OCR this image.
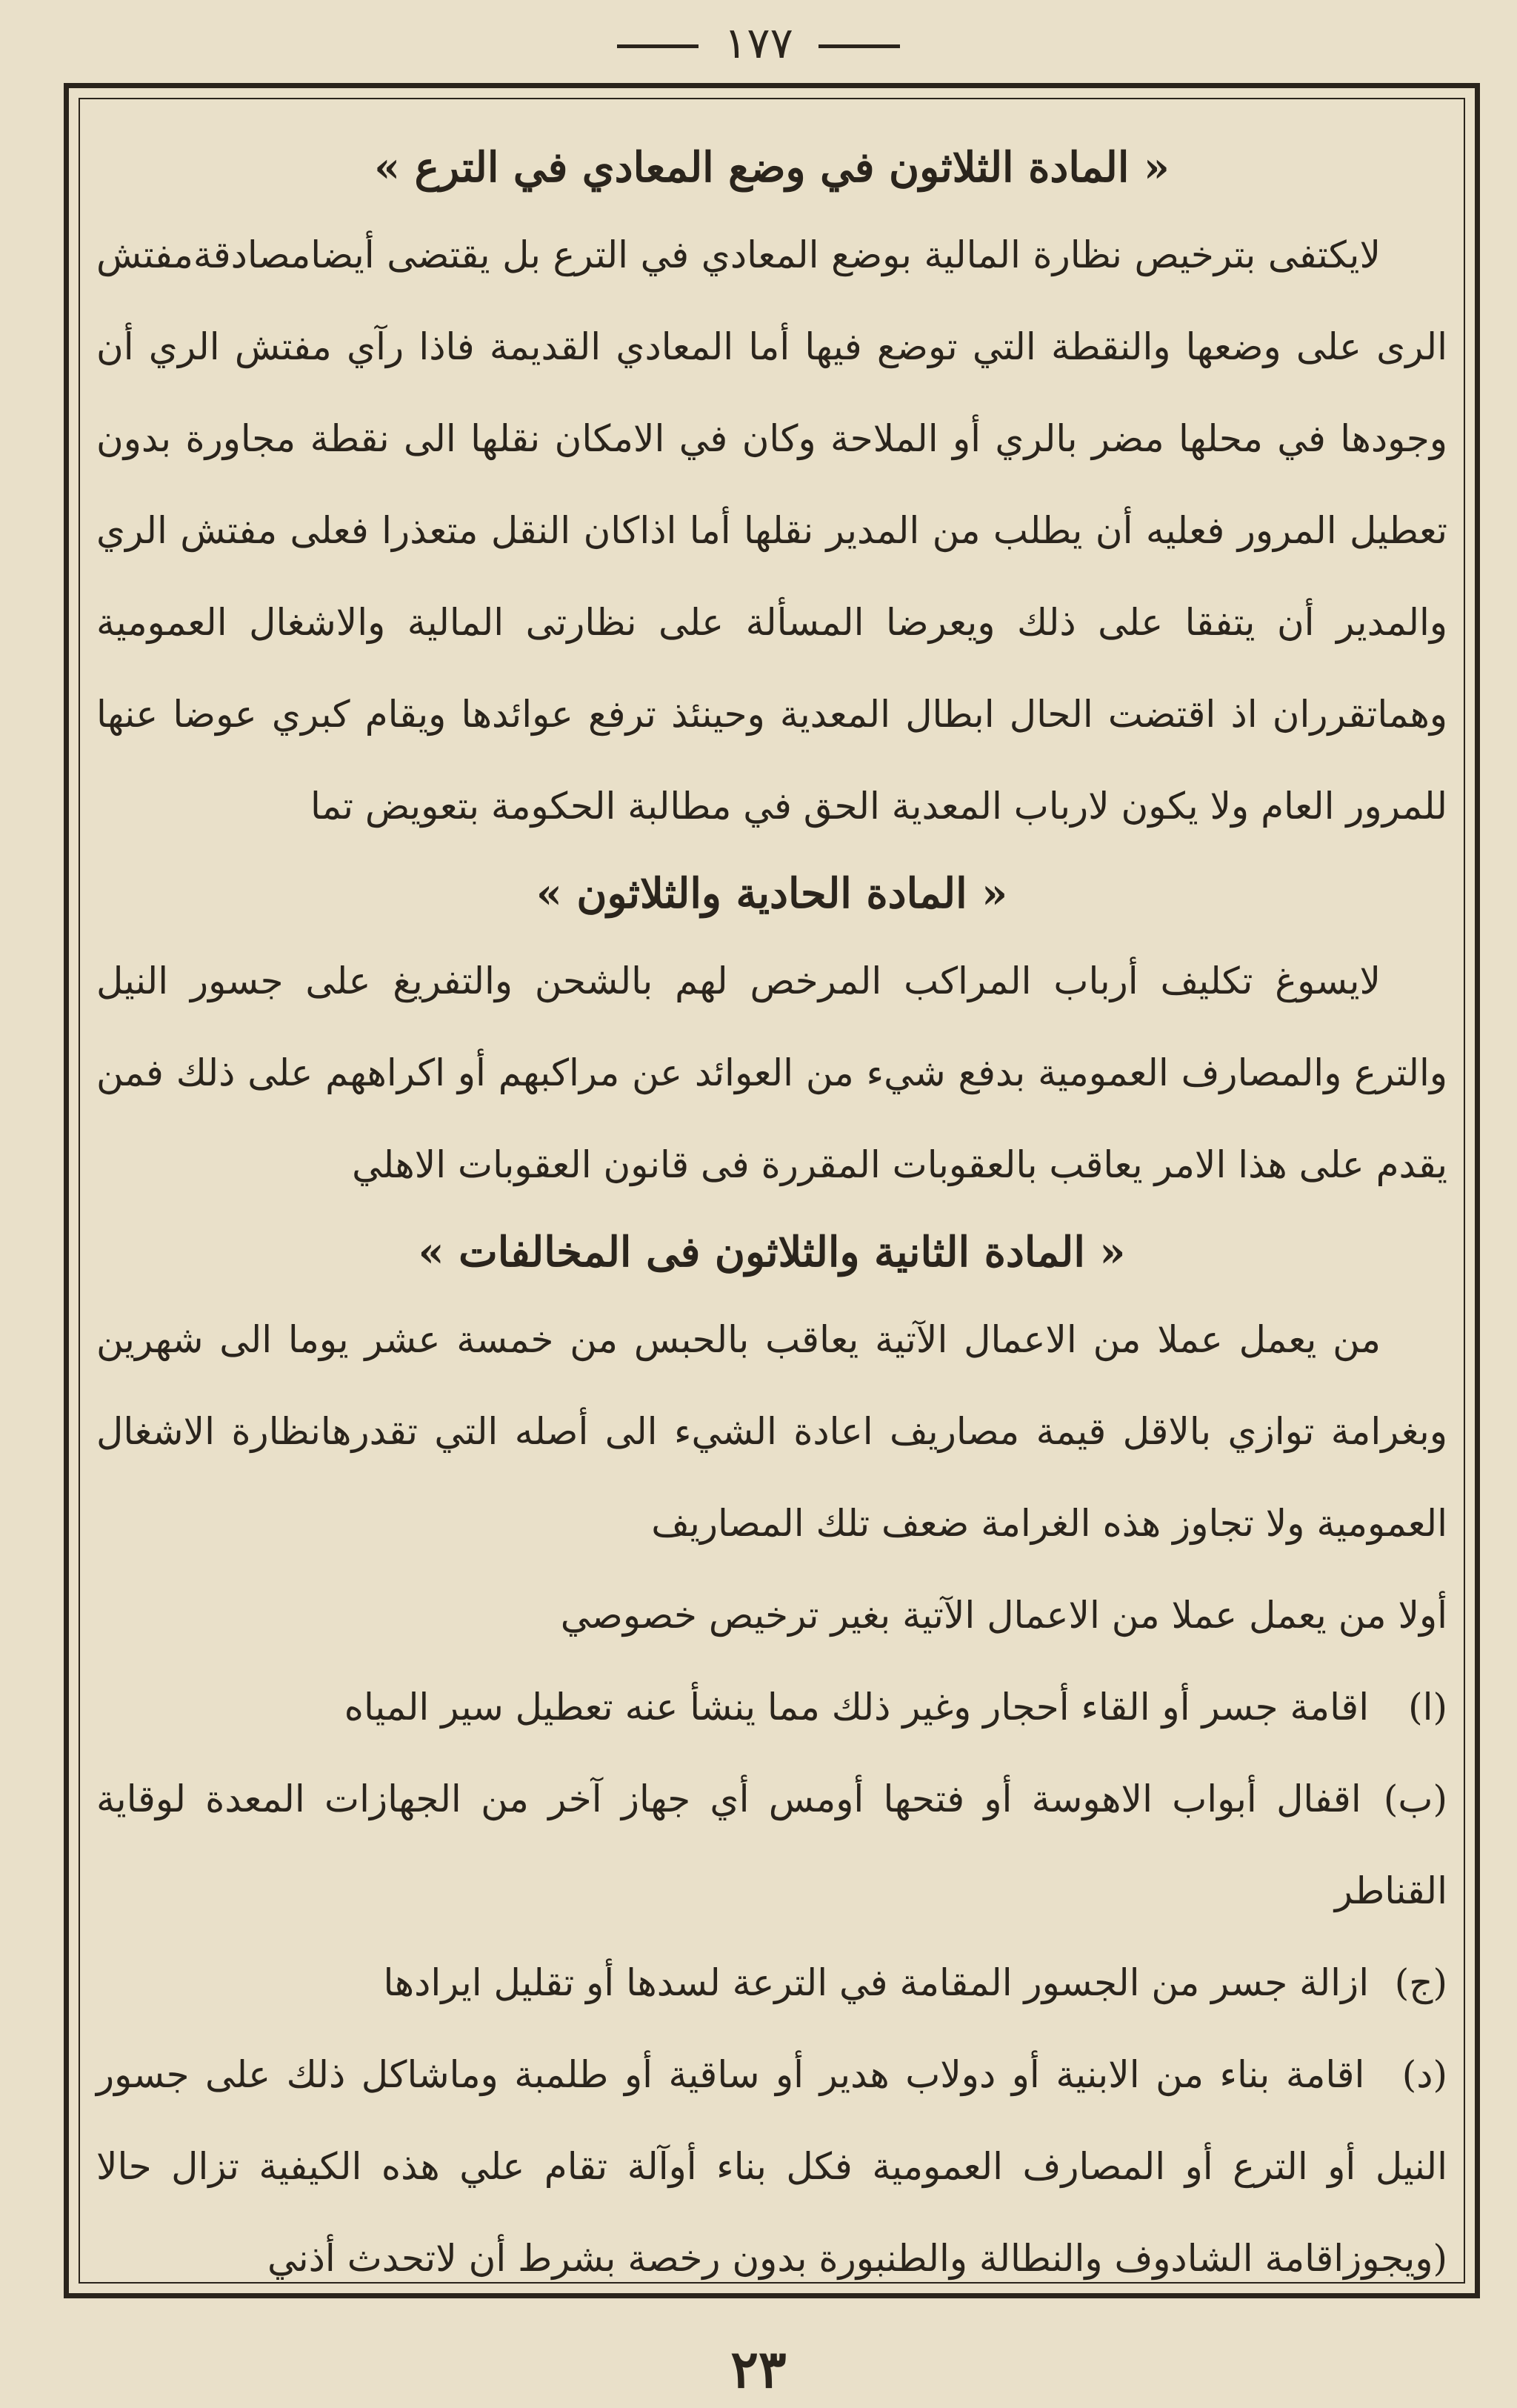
١٧٧
« المادة الثلاثون في وضع المعادي في الترع »

لايكتفى بترخيص نظارة المالية بوضع المعادي في الترع بل يقتضى أيضامصادقةمفتش الرى على وضعها والنقطة التي توضع فيها أما المعادي القديمة فاذا رآي مفتش الري أن وجودها في محلها مضر بالري أو الملاحة وكان في الامكان نقلها الى نقطة مجاورة بدون تعطيل المرور فعليه أن يطلب من المدير نقلها أما اذاكان النقل متعذرا فعلى مفتش الري والمدير أن يتفقا على ذلك ويعرضا المسألة على نظارتى المالية والاشغال العمومية وهماتقرران اذ اقتضت الحال ابطال المعدية وحينئذ ترفع عوائدها ويقام كبري عوضا عنها للمرور العام ولا يكون لارباب المعدية الحق في مطالبة الحكومة بتعويض تما

« المادة الحادية والثلاثون »

لايسوغ تكليف أرباب المراكب المرخص لهم بالشحن والتفريغ على جسور النيل والترع والمصارف العمومية بدفع شيء من العوائد عن مراكبهم أو اكراههم على ذلك فمن يقدم على هذا الامر يعاقب بالعقوبات المقررة فى قانون العقوبات الاهلي

« المادة الثانية والثلاثون فى المخالفات »

من يعمل عملا من الاعمال الآتية يعاقب بالحبس من خمسة عشر يوما الى شهرين وبغرامة توازي بالاقل قيمة مصاريف اعادة الشيء الى أصله التي تقدرهانظارة الاشغال العمومية ولا تجاوز هذه الغرامة ضعف تلك المصاريف

أولا من يعمل عملا من الاعمال الآتية بغير ترخيص خصوصي

(ا) اقامة جسر أو القاء أحجار وغير ذلك مما ينشأ عنه تعطيل سير المياه

(ب) اقفال أبواب الاهوسة أو فتحها أومس أي جهاز آخر من الجهازات المعدة لوقاية القناطر

(ج) ازالة جسر من الجسور المقامة في الترعة لسدها أو تقليل ايرادها

(د) اقامة بناء من الابنية أو دولاب هدير أو ساقية أو طلمبة وماشاكل ذلك على جسور النيل أو الترع أو المصارف العمومية فكل بناء أوآلة تقام علي هذه الكيفية تزال حالا (ويجوزاقامة الشادوف والنطالة والطنبورة بدون رخصة بشرط أن لاتحدث أذني

٢٣
